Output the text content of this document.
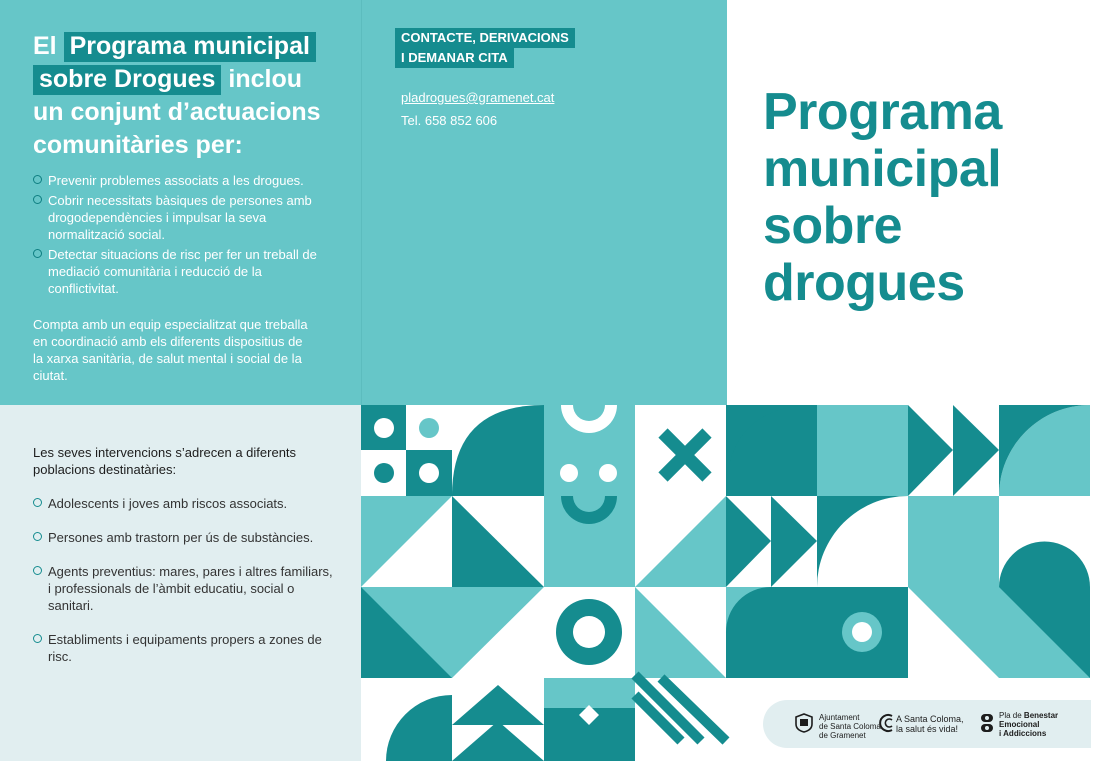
El Programa municipal
sobre Drogues inclou
un conjunt d’actuacions comunitàries per:
Prevenir problemes associats a les drogues.
Cobrir necessitats bàsiques de persones amb drogodependències i impulsar la seva normalització social.
Detectar situacions de risc per fer un treball de mediació comunitària i reducció de la conflictivitat.

Compta amb un equip especialitzat que treballa en coordinació amb els diferents dispositius de la xarxa sanitària, de salut mental i social de la ciutat.

CONTACTE, DERIVACIONS
I DEMANAR CITA
pladrogues@gramenet.cat
Tel. 658 852 606	Programa
municipal
sobre
drogues

Les seves intervencions s’adrecen a diferents poblacions destinatàries:

Adolescents i joves amb riscos associats.
Persones amb trastorn per ús de substàncies.
Agents preventius: mares, pares i altres familiars, i professionals de l’àmbit educatiu, social o sanitari.
Establiments i equipaments propers a zones de risc.
Ajuntament
de Santa Coloma
de Gramenet
A Santa Coloma,
la salut és vida!
Pla de Benestar
Emocional
i Addiccions
